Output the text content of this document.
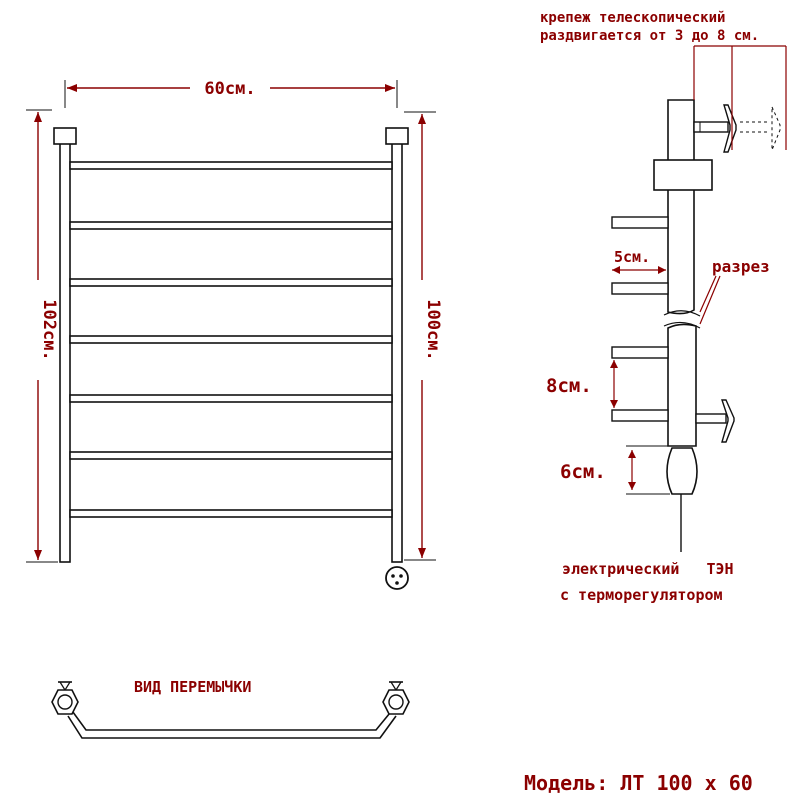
60см.
102см.	100см.
крепеж телескопический
раздвигается от 3 до 8 см.
5см.	разрез
8см.
6см.
электрический   ТЭН
с терморегулятором
ВИД ПЕРЕМЫЧКИ
Модель: ЛТ 100 x 60
